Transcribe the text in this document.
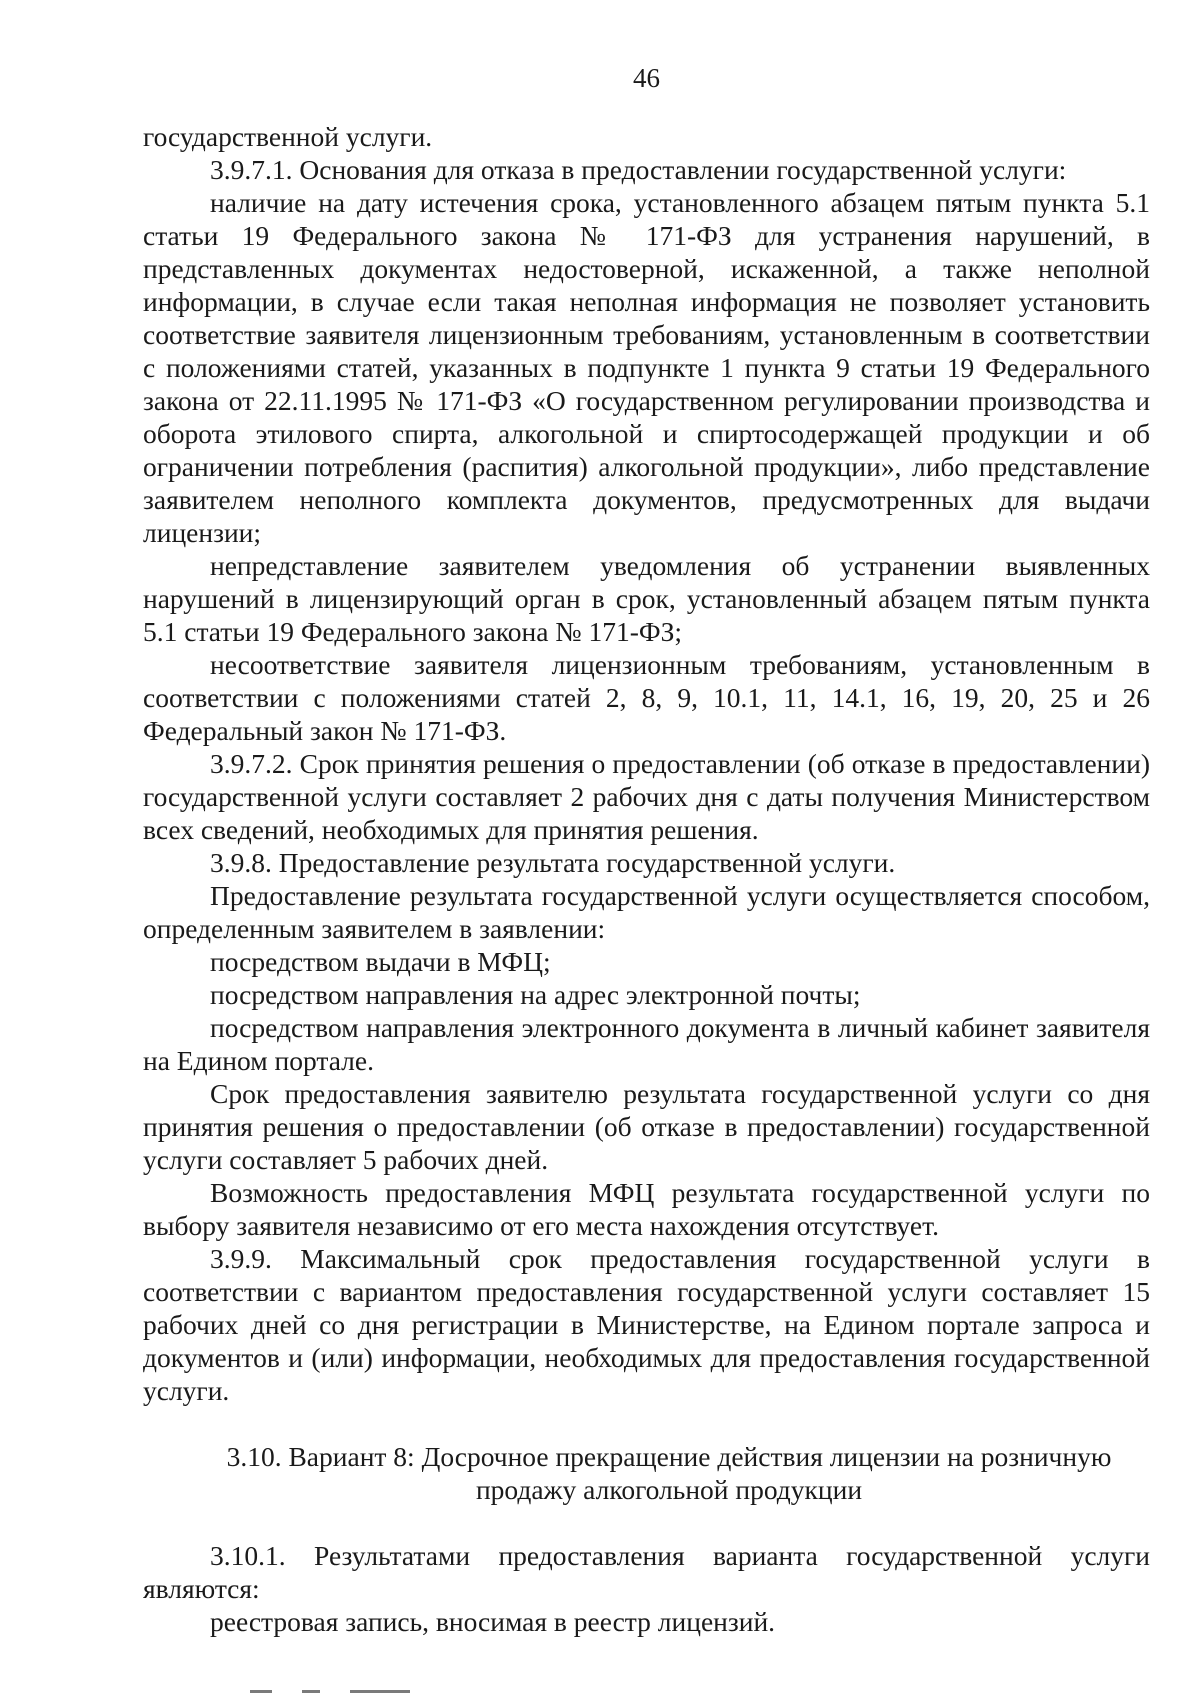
46

государственной услуги.

3.9.7.1. Основания для отказа в предоставлении государственной услуги:

наличие на дату истечения срока, установленного абзацем пятым пункта 5.1 статьи 19 Федерального закона № 171-ФЗ для устранения нарушений, в представленных документах недостоверной, искаженной, а также неполной информации, в случае если такая неполная информация не позволяет установить соответствие заявителя лицензионным требованиям, установленным в соответствии с положениями статей, указанных в подпункте 1 пункта 9 статьи 19 Федерального закона от 22.11.1995 № 171-ФЗ «О государственном регулировании производства и оборота этилового спирта, алкогольной и спиртосодержащей продукции и об ограничении потребления (распития) алкогольной продукции», либо представление заявителем неполного комплекта документов, предусмотренных для выдачи лицензии;

непредставление заявителем уведомления об устранении выявленных нарушений в лицензирующий орган в срок, установленный абзацем пятым пункта 5.1 статьи 19 Федерального закона № 171-ФЗ;

несоответствие заявителя лицензионным требованиям, установленным в соответствии с положениями статей 2, 8, 9, 10.1, 11, 14.1, 16, 19, 20, 25 и 26 Федеральный закон № 171-ФЗ.

3.9.7.2. Срок принятия решения о предоставлении (об отказе в предоставлении) государственной услуги составляет 2 рабочих дня с даты получения Министерством всех сведений, необходимых для принятия решения.

3.9.8. Предоставление результата государственной услуги.

Предоставление результата государственной услуги осуществляется способом, определенным заявителем в заявлении:

посредством выдачи в МФЦ;

посредством направления на адрес электронной почты;

посредством направления электронного документа в личный кабинет заявителя на Едином портале.

Срок предоставления заявителю результата государственной услуги со дня принятия решения о предоставлении (об отказе в предоставлении) государственной услуги составляет 5 рабочих дней.

Возможность предоставления МФЦ результата государственной услуги по выбору заявителя независимо от его места нахождения отсутствует.

3.9.9. Максимальный срок предоставления государственной услуги в соответствии с вариантом предоставления государственной услуги составляет 15 рабочих дней со дня регистрации в Министерстве, на Едином портале запроса и документов и (или) информации, необходимых для предоставления государственной услуги.

3.10. Вариант 8: Досрочное прекращение действия лицензии на розничную продажу алкогольной продукции

3.10.1. Результатами предоставления варианта государственной услуги являются:

реестровая запись, вносимая в реестр лицензий.
